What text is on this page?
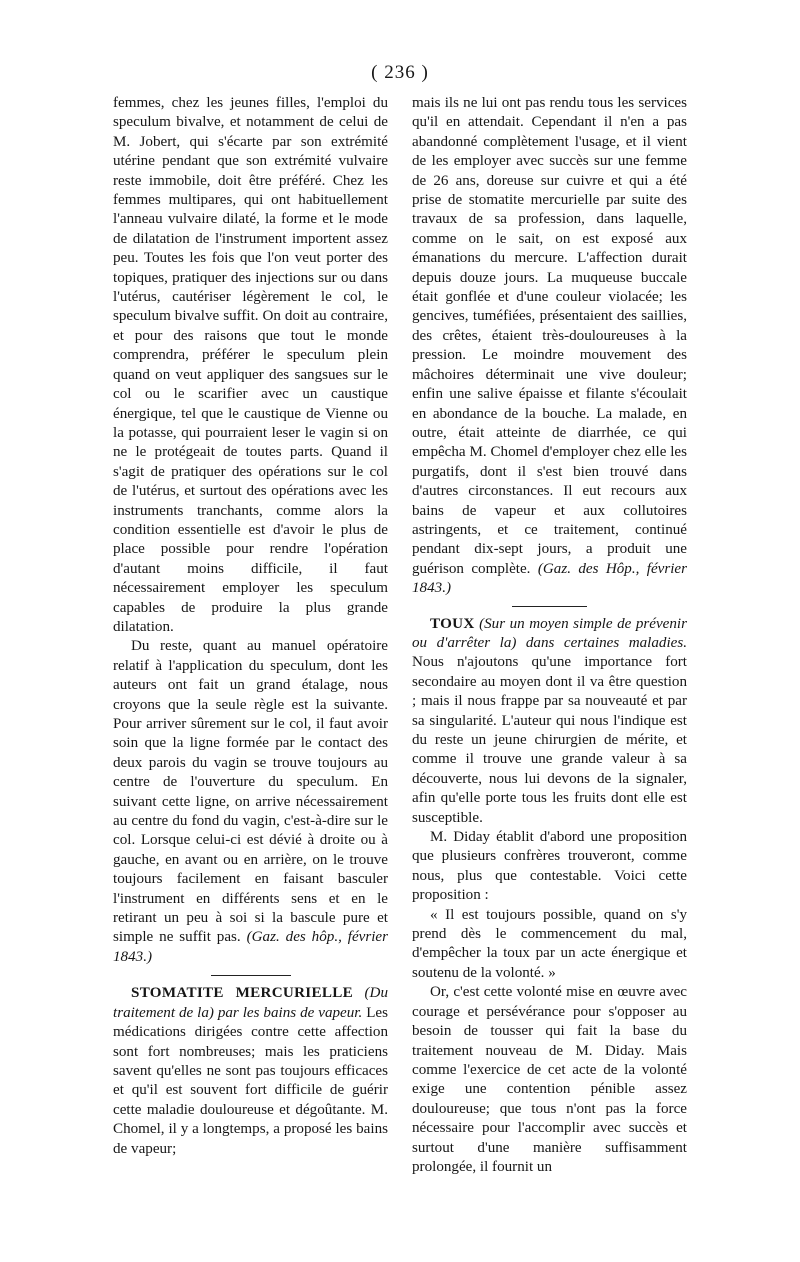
( 236 )

femmes, chez les jeunes filles, l'emploi du speculum bivalve, et notamment de celui de M. Jobert, qui s'écarte par son extrémité utérine pendant que son extrémité vulvaire reste immobile, doit être préféré. Chez les femmes multipares, qui ont habituellement l'anneau vulvaire dilaté, la forme et le mode de dilatation de l'instrument importent assez peu. Toutes les fois que l'on veut porter des topiques, pratiquer des injections sur ou dans l'utérus, cautériser légèrement le col, le speculum bivalve suffit. On doit au contraire, et pour des raisons que tout le monde comprendra, préférer le speculum plein quand on veut appliquer des sangsues sur le col ou le scarifier avec un caustique énergique, tel que le caustique de Vienne ou la potasse, qui pourraient leser le vagin si on ne le protégeait de toutes parts. Quand il s'agit de pratiquer des opérations sur le col de l'utérus, et surtout des opérations avec les instruments tranchants, comme alors la condition essentielle est d'avoir le plus de place possible pour rendre l'opération d'autant moins difficile, il faut nécessairement employer les speculum capables de produire la plus grande dilatation.

Du reste, quant au manuel opératoire relatif à l'application du speculum, dont les auteurs ont fait un grand étalage, nous croyons que la seule règle est la suivante. Pour arriver sûrement sur le col, il faut avoir soin que la ligne formée par le contact des deux parois du vagin se trouve toujours au centre de l'ouverture du speculum. En suivant cette ligne, on arrive nécessairement au centre du fond du vagin, c'est-à-dire sur le col. Lorsque celui-ci est dévié à droite ou à gauche, en avant ou en arrière, on le trouve toujours facilement en faisant basculer l'instrument en différents sens et en le retirant un peu à soi si la bascule pure et simple ne suffit pas. (Gaz. des hôp., février 1843.)

STOMATITE MERCURIELLE (Du traitement de la) par les bains de vapeur. Les médications dirigées contre cette affection sont fort nombreuses; mais les praticiens savent qu'elles ne sont pas toujours efficaces et qu'il est souvent fort difficile de guérir cette maladie douloureuse et dégoûtante. M. Chomel, il y a longtemps, a proposé les bains de vapeur;

mais ils ne lui ont pas rendu tous les services qu'il en attendait. Cependant il n'en a pas abandonné complètement l'usage, et il vient de les employer avec succès sur une femme de 26 ans, doreuse sur cuivre et qui a été prise de stomatite mercurielle par suite des travaux de sa profession, dans laquelle, comme on le sait, on est exposé aux émanations du mercure. L'affection durait depuis douze jours. La muqueuse buccale était gonflée et d'une couleur violacée; les gencives, tuméfiées, présentaient des saillies, des crêtes, étaient très-douloureuses à la pression. Le moindre mouvement des mâchoires déterminait une vive douleur; enfin une salive épaisse et filante s'écoulait en abondance de la bouche. La malade, en outre, était atteinte de diarrhée, ce qui empêcha M. Chomel d'employer chez elle les purgatifs, dont il s'est bien trouvé dans d'autres circonstances. Il eut recours aux bains de vapeur et aux collutoires astringents, et ce traitement, continué pendant dix-sept jours, a produit une guérison complète. (Gaz. des Hôp., février 1843.)

TOUX (Sur un moyen simple de prévenir ou d'arrêter la) dans certaines maladies. Nous n'ajoutons qu'une importance fort secondaire au moyen dont il va être question ; mais il nous frappe par sa nouveauté et par sa singularité. L'auteur qui nous l'indique est du reste un jeune chirurgien de mérite, et comme il trouve une grande valeur à sa découverte, nous lui devons de la signaler, afin qu'elle porte tous les fruits dont elle est susceptible.

M. Diday établit d'abord une proposition que plusieurs confrères trouveront, comme nous, plus que contestable. Voici cette proposition :

« Il est toujours possible, quand on s'y prend dès le commencement du mal, d'empêcher la toux par un acte énergique et soutenu de la volonté. »

Or, c'est cette volonté mise en œuvre avec courage et persévérance pour s'opposer au besoin de tousser qui fait la base du traitement nouveau de M. Diday. Mais comme l'exercice de cet acte de la volonté exige une contention pénible assez douloureuse; que tous n'ont pas la force nécessaire pour l'accomplir avec succès et surtout d'une manière suffisamment prolongée, il fournit un
